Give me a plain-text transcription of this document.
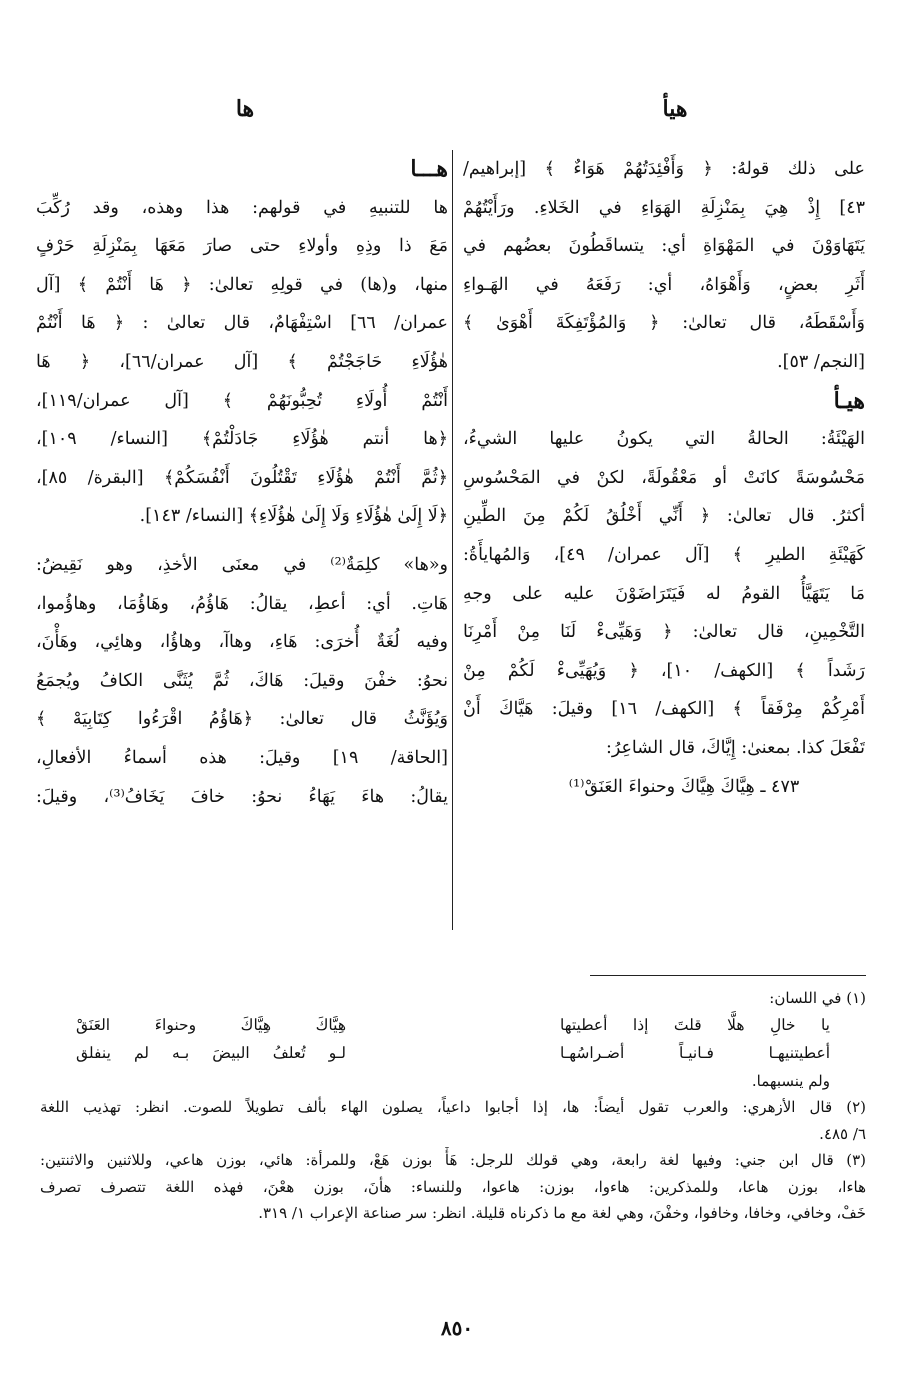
هيأ
ها
على ذلك قولهُ: ﴿ وَأَفْئِدَتُهُمْ هَوَاءٌ ﴾ [إبراهيم/
٤٣] إِذْ هِيَ بِمَنْزِلَةِ الهَوَاءِ في الخَلاءِ. ورَأَيْتُهُمْ
يَتَهَاوَوْنَ في المَهْوَاةِ أي: يتساقَطُونَ بعضُهم في
أَثَرِ بعضٍ، وَأَهْوَاهُ، أي: رَفَعَهُ في الهَـواءِ
وَأَسْقَطَهُ، قال تعالىٰ: ﴿ وَالمُؤْتَفِكَةَ أَهْوَىٰ ﴾
[النجم/ ٥٣].
هيـأ
الهَيْئَةُ: الحالةُ التي يكونُ عليها الشيءُ،
مَحْسُوسَةً كانَتْ أو مَعْقُولَةً، لكنْ في المَحْسُوسِ
أكثرُ. قال تعالىٰ: ﴿ أَنِّي أَخْلُقُ لَكُمْ مِنَ الطِّينِ
كَهَيْئَةِ الطيرِ ﴾ [آل عمران/ ٤٩]، وَالمُهايأَةُ:
مَا يَتَهَيَّأُ القومُ له فَيَتَرَاضَوْنَ عليه على وجهِ
التَّخْمِينِ، قال تعالىٰ: ﴿ وَهَيِّىءْ لَنَا مِنْ أَمْرِنَا
رَشَداً ﴾ [الكهف/ ١٠]، ﴿ وَيُهَيِّىءْ لَكُمْ مِنْ
أَمْرِكُمْ مِرْفَقاً ﴾ [الكهف/ ١٦] وقيلَ: هَيَّاكَ أَنْ
تَفْعَلَ كذا. بمعنىٰ: إِيَّاكَ، قال الشاعِرُ:
٤٧٣ ـ هِيَّاكَ هِيَّاكَ وحنواءَ العَنَقْ⁽¹⁾
هـــا
ها للتنبيهِ في قولهم: هذا وهذه، وقد رُكِّبَ
مَعَ ذا وذِهِ وأولاءِ حتى صارَ مَعَهَا بِمَنْزِلَةِ حَرْفٍ
منها، و(ها) في قولِهِ تعالىٰ: ﴿ هَا أَنْتُمْ ﴾ [آل
عمران/ ٦٦] اسْتِفْهَامٌ، قال تعالىٰ : ﴿ هَا أَنْتُمْ
هٰؤُلَاءِ حَاجَجْتُمْ ﴾ [آل عمران/٦٦]، ﴿ هَا
أَنْتُمْ أُولَاءِ تُحِبُّونَهُمْ ﴾ [آل عمران/١١٩]،
﴿ها أنتم هٰؤُلَاءِ جَادَلْتُمْ﴾ [النساء/ ١٠٩]،
﴿ثُمَّ أَنْتُمْ هٰؤُلَاءِ تَقْتُلُونَ أَنْفُسَكُمْ﴾ [البقرة/ ٨٥]،
﴿لَا إِلَىٰ هٰؤُلَاءِ وَلَا إِلَىٰ هٰؤُلَاءِ﴾ [النساء/ ١٤٣].
و«ها» كلِمَةٌ⁽²⁾ في معنَى الأخذِ، وهو نَقِيضُ:
هَاتِ. أي: أعطِ، يقالُ: هَاؤُمُ، وهَاؤُمَا، وهاؤُموا،
وفيه لُغَةٌ أُخرَى: هَاءِ، وهاآ، وهاؤُا، وهائِي، وهَأْنَ،
نحوُ: خفْنَ وقيلَ: هَاكَ، ثُمَّ يُثَنَّى الكافُ ويُجمَعُ
وَيُؤَنَّثُ قال تعالىٰ: ﴿هَاؤُمُ اقْرَءُوا كِتَابِيَهْ ﴾
[الحاقة/ ١٩] وقيلَ: هذه أسماءُ الأفعالِ،
يقالُ: هاءَ يَهَاءُ نحوُ: خافَ يَخَافُ⁽³⁾، وقيلَ:
(١) في اللسان:
يا خالِ هلَّا قلتَ إذا أعطيتها
هِيَّاكَ هِيَّاكَ وحنواءَ العَنَقْ
أعطيتنيهـا فـانيـاً أضـراسُهـا
لـو تُعلفُ البيضَ بـه لم ينفلق
ولم ينسبهما.
(٢) قال الأزهري: والعرب تقول أيضاً: ها، إذا أجابوا داعياً، يصلون الهاء بألف تطويلاً للصوت. انظر: تهذيب اللغة
٦/ ٤٨٥.
(٣) قال ابن جني: وفيها لغة رابعة، وهي قولك للرجل: هَأْ بوزن هَعْ، وللمرأة: هائي، بوزن هاعي، وللاثنين والاثنتين:
هاءا، بوزن هاعا، وللمذكرين: هاءوا، بوزن: هاعوا، وللنساء: هأنَ، بوزن هعْنَ، فهذه اللغة تتصرف تصرف
خَفْ، وخافي، وخافا، وخافوا، وخفْنَ، وهي لغة مع ما ذكرناه قليلة. انظر: سر صناعة الإعراب ١/ ٣١٩.
٨٥٠
